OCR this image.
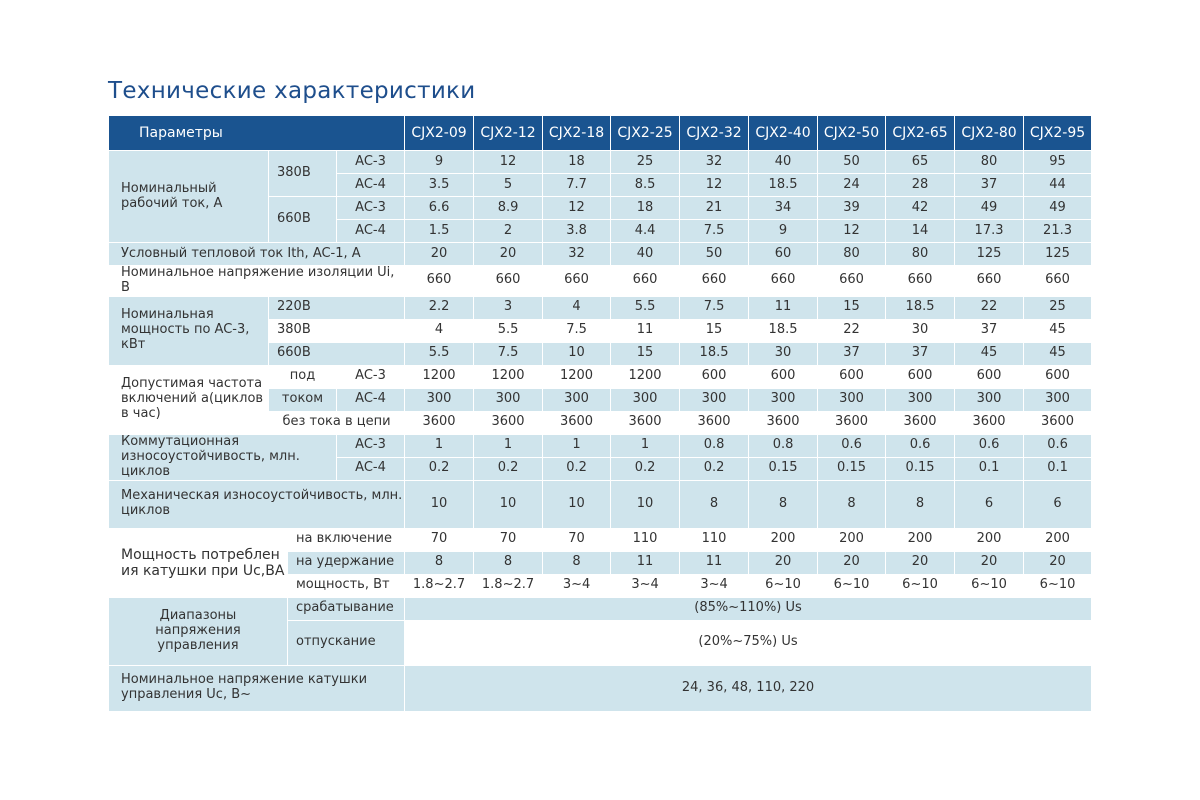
Технические характеристики
Параметры				CJX2-09	CJX2-12	CJX2-18	CJX2-25	CJX2-32	CJX2-40	CJX2-50	CJX2-65	CJX2-80	CJX2-95
Номинальный рабочий ток, А	380В		AC-3	9	12	18	25	32	40	50	65	80	95
			AC-4	3.5	5	7.7	8.5	12	18.5	24	28	37	44
	660В		AC-3	6.6	8.9	12	18	21	34	39	42	49	49
			AC-4	1.5	2	3.8	4.4	7.5	9	12	14	17.3	21.3
Условный тепловой ток Ith, AC-1, А				20	20	32	40	50	60	80	80	125	125
Номинальное напряжение изоляции Ui, В				660	660	660	660	660	660	660	660	660	660
Номинальная мощность по AC-3, кВт	220В			2.2	3	4	5.5	7.5	11	15	18.5	22	25
	380В			4	5.5	7.5	11	15	18.5	22	30	37	45
	660В			5.5	7.5	10	15	18.5	30	37	37	45	45
Допустимая частота включений а(циклов в час)	под		AC-3	1200	1200	1200	1200	600	600	600	600	600	600
	током		AC-4	300	300	300	300	300	300	300	300	300	300
	без тока в цепи			3600	3600	3600	3600	3600	3600	3600	3600	3600	3600
Коммутационная износоустойчивость, млн. циклов			AC-3	1	1	1	1	0.8	0.8	0.6	0.6	0.6	0.6
			AC-4	0.2	0.2	0.2	0.2	0.2	0.15	0.15	0.15	0.1	0.1
Механическая износоустойчивость, млн. циклов				10	10	10	10	8	8	8	8	6	6
Мощность потреблен ия катушки при Uc,BA		на включение		70	70	70	110	110	200	200	200	200	200
		на удержание		8	8	8	11	11	20	20	20	20	20
		мощность, Вт		1.8~2.7	1.8~2.7	3~4	3~4	3~4	6~10	6~10	6~10	6~10	6~10
Диапазоны напряжения управления		срабатывание		(85%~110%) Us									
		отпускание		(20%~75%) Us									
Номинальное напряжение катушки управления Uc, В~				24, 36, 48, 110, 220									
